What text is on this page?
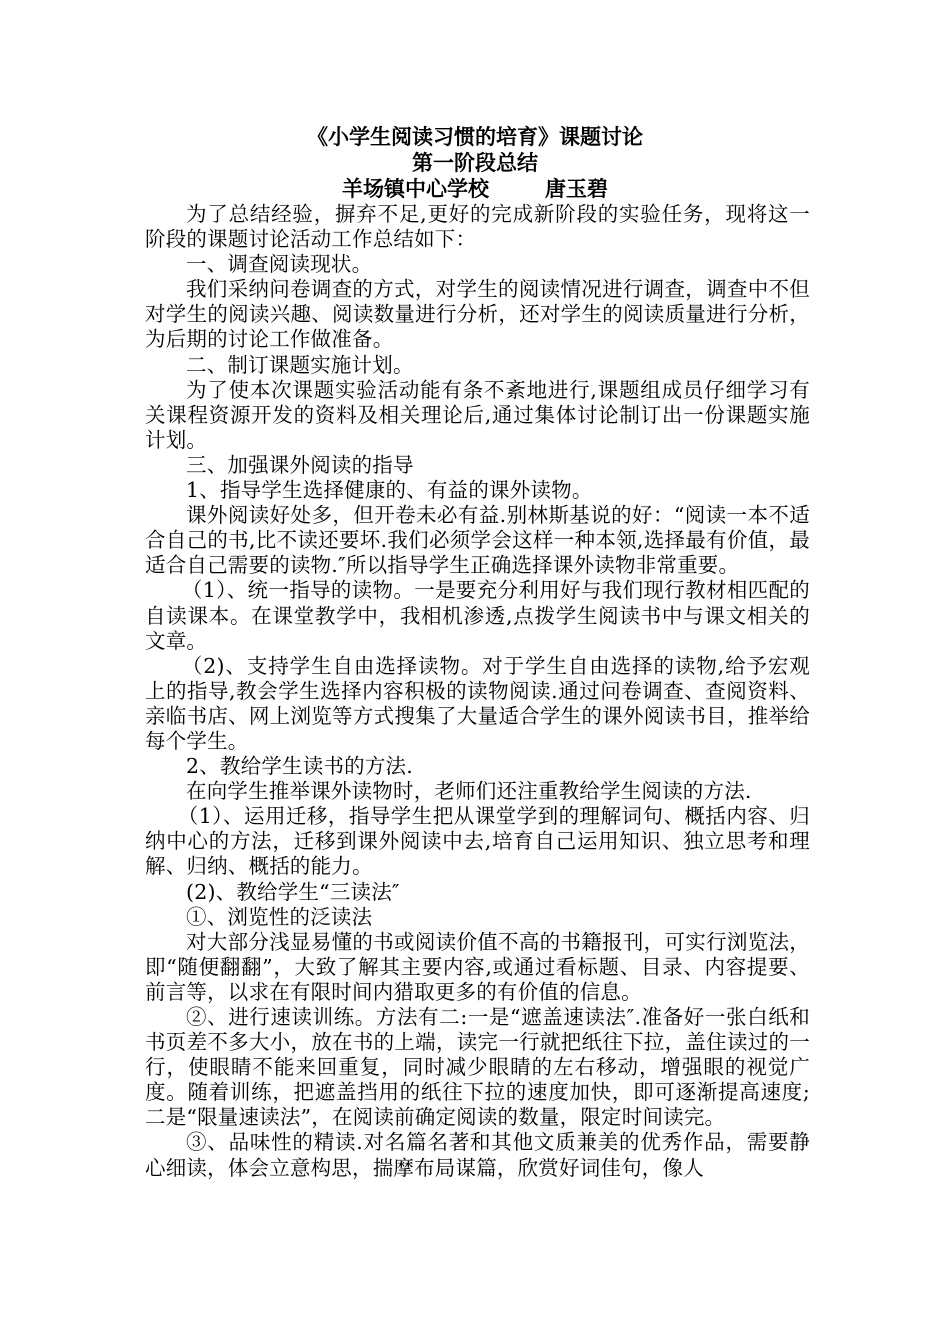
《小学生阅读习惯的培育》课题讨论
第一阶段总结
羊场镇中心学校	唐玉碧

为了总结经验，摒弃不足,更好的完成新阶段的实验任务，现将这一阶段的课题讨论活动工作总结如下：

一、调查阅读现状。

我们采纳问卷调查的方式，对学生的阅读情况进行调查，调查中不但对学生的阅读兴趣、阅读数量进行分析，还对学生的阅读质量进行分析，为后期的讨论工作做准备。

二、制订课题实施计划。

为了使本次课题实验活动能有条不紊地进行,课题组成员仔细学习有关课程资源开发的资料及相关理论后,通过集体讨论制订出一份课题实施计划。

三、加强课外阅读的指导

1、指导学生选择健康的、有益的课外读物。

课外阅读好处多，但开卷未必有益.别林斯基说的好：“阅读一本不适合自己的书,比不读还要坏.我们必须学会这样一种本领,选择最有价值，最适合自己需要的读物.″所以指导学生正确选择课外读物非常重要。

（1）、统一指导的读物。一是要充分利用好与我们现行教材相匹配的自读课本。在课堂教学中，我相机渗透,点拨学生阅读书中与课文相关的文章。

（2)、支持学生自由选择读物。对于学生自由选择的读物,给予宏观上的指导,教会学生选择内容积极的读物阅读.通过问卷调查、查阅资料、亲临书店、网上浏览等方式搜集了大量适合学生的课外阅读书目，推举给每个学生。

2、教给学生读书的方法.

在向学生推举课外读物时，老师们还注重教给学生阅读的方法.

（1）、运用迁移，指导学生把从课堂学到的理解词句、概括内容、归纳中心的方法，迁移到课外阅读中去,培育自己运用知识、独立思考和理解、归纳、概括的能力。

(2)、教给学生“三读法″

①、浏览性的泛读法

对大部分浅显易懂的书或阅读价值不高的书籍报刊，可实行浏览法，即“随便翻翻”，大致了解其主要内容,或通过看标题、目录、内容提要、前言等，以求在有限时间内猎取更多的有价值的信息。

②、进行速读训练。方法有二:一是“遮盖速读法″.准备好一张白纸和书页差不多大小，放在书的上端，读完一行就把纸往下拉，盖住读过的一行，使眼睛不能来回重复，同时减少眼睛的左右移动，增强眼的视觉广度。随着训练，把遮盖挡用的纸往下拉的速度加快，即可逐渐提高速度;二是“限量速读法”，在阅读前确定阅读的数量，限定时间读完。

③、品味性的精读.对名篇名著和其他文质兼美的优秀作品，需要静心细读，体会立意构思，揣摩布局谋篇，欣赏好词佳句，像人
